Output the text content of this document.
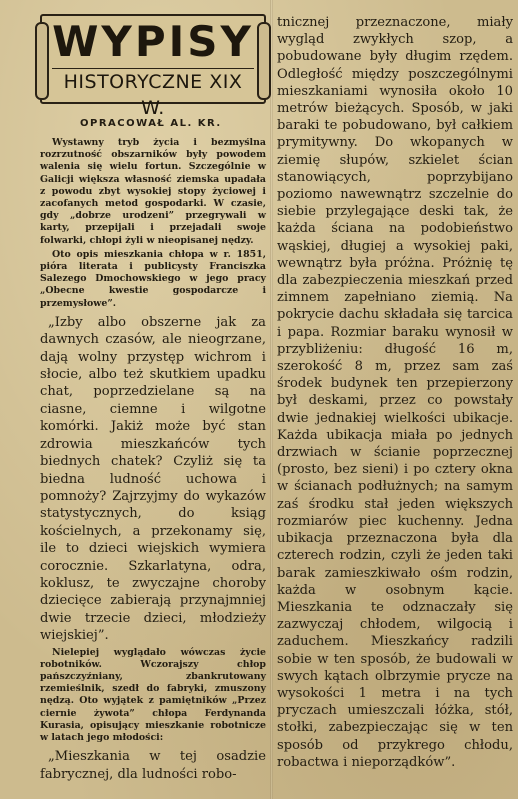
WYPISY
HISTORYCZNE XIX W.
OPRACOWAŁ AL. KR.

Wystawny tryb życia i bezmyślna rozrzutność obszarników były powodem walenia się wielu fortun. Szczególnie w Galicji większa własność ziemska upadała z powodu zbyt wysokiej stopy życiowej i zacofanych metod gospodarki. W czasie, gdy „dobrze urodzeni” przegrywali w karty, przepijali i przejadali swoje folwarki, chłopi żyli w nieopisanej nędzy.

Oto opis mieszkania chłopa w r. 1851, pióra literata i publicysty Franciszka Salezego Dmochowskiego w jego pracy „Obecne kwestie gospodarcze i przemysłowe”.

„Izby albo obszerne jak za dawnych czasów, ale nieogrzane, dają wolny przystęp wichrom i słocie, albo też skutkiem upadku chat, poprzedzielane są na ciasne, ciemne i wilgotne komórki. Jakiż może być stan zdrowia mieszkańców tych biednych chatek? Czyliż się ta biedna ludność uchowa i pomnoży? Zajrzyjmy do wykazów statystycznych, do ksiąg kościelnych, a przekonamy się, ile to dzieci wiejskich wymiera corocznie. Szkarlatyna, odra, koklusz, te zwyczajne choroby dziecięce zabierają przynajmniej dwie trzecie dzieci, młodzieży wiejskiej”.

Nielepiej wyglądało wówczas życie robotników. Wczorajszy chłop pańszczyźniany, zbankrutowany rzemieślnik, szedł do fabryki, zmuszony nędzą. Oto wyjątek z pamiętników „Przez ciernie żywota” chłopa Ferdynanda Kurasia, opisujący mieszkanie robotnicze w latach jego młodości:

„Mieszkania w tej osadzie fabrycznej, dla ludności robo-

tnicznej przeznaczone, miały wygląd zwykłych szop, a pobudowane były długim rzędem. Odległość między poszczególnymi mieszkaniami wynosiła około 10 metrów bieżących. Sposób, w jaki baraki te pobudowano, był całkiem prymitywny. Do wkopanych w ziemię słupów, szkielet ścian stanowiących, poprzybijano poziomo nawewnątrz szczelnie do siebie przylegające deski tak, że każda ściana na podobieństwo wąskiej, długiej a wysokiej paki, wewnątrz była próżna. Próżnię tę dla zabezpieczenia mieszkań przed zimnem zapełniano ziemią. Na pokrycie dachu składała się tarcica i papa. Rozmiar baraku wynosił w przybliżeniu: długość 16 m, szerokość 8 m, przez sam zaś środek budynek ten przepierzony był deskami, przez co powstały dwie jednakiej wielkości ubikacje. Każda ubikacja miała po jednych drzwiach w ścianie poprzecznej (prosto, bez sieni) i po cztery okna w ścianach podłużnych; na samym zaś środku stał jeden większych rozmiarów piec kuchenny. Jedna ubikacja przeznaczona była dla czterech rodzin, czyli że jeden taki barak zamieszkiwało ośm rodzin, każda w osobnym kącie. Mieszkania te odznaczały się zazwyczaj chłodem, wilgocią i zaduchem. Mieszkańcy radzili sobie w ten sposób, że budowali w swych kątach olbrzymie prycze na wysokości 1 metra i na tych pryczach umieszczali łóżka, stół, stołki, zabezpieczając się w ten sposób od przykrego chłodu, robactwa i nieporządków”.
